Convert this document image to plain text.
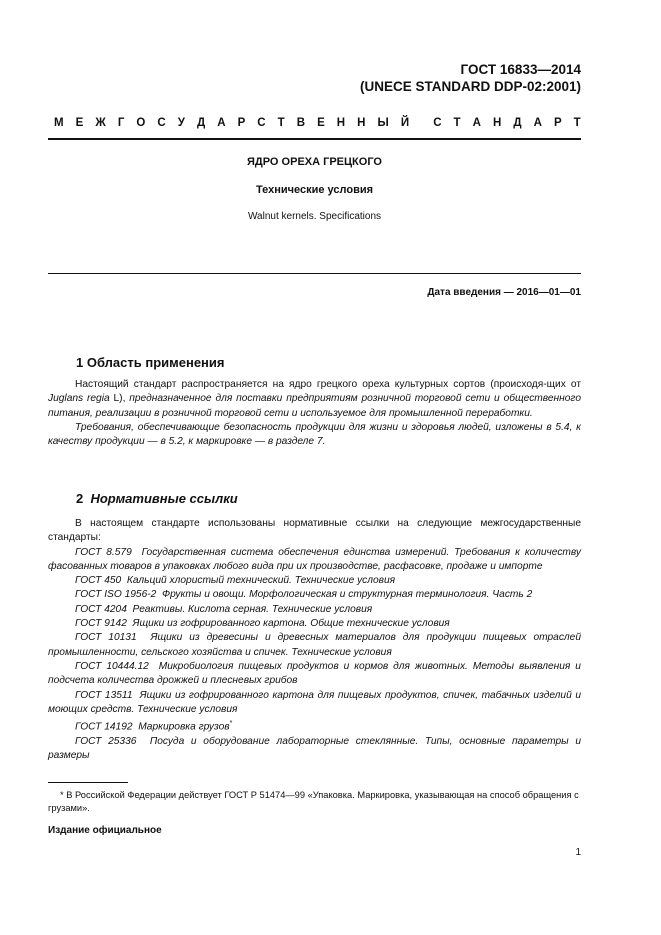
ГОСТ 16833—2014
(UNECE STANDARD DDP-02:2001)
М Е Ж Г О С У Д А Р С Т В Е Н Н Ы Й С Т А Н Д А Р Т
ЯДРО ОРЕХА ГРЕЦКОГО
Технические условия
Walnut kernels. Specifications
Дата введения — 2016—01—01
1 Область применения

Настоящий стандарт распространяется на ядро грецкого ореха культурных сортов (происходя-щих от Juglans regia L), предназначенное для поставки предприятиям розничной торговой сети и общественного питания, реализации в розничной торговой сети и используемое для промышленной переработки.

Требования, обеспечивающие безопасность продукции для жизни и здоровья людей, изложены в 5.4, к качеству продукции — в 5.2, к маркировке — в разделе 7.

2 Нормативные ссылки

В настоящем стандарте использованы нормативные ссылки на следующие межгосударственные стандарты:

ГОСТ 8.579 Государственная система обеспечения единства измерений. Требования к количеству фасованных товаров в упаковках любого вида при их производстве, расфасовке, продаже и импорте

ГОСТ 450 Кальций хлористый технический. Технические условия

ГОСТ ISO 1956-2 Фрукты и овощи. Морфологическая и структурная терминология. Часть 2

ГОСТ 4204 Реактивы. Кислота серная. Технические условия

ГОСТ 9142 Ящики из гофрированного картона. Общие технические условия

ГОСТ 10131 Ящики из древесины и древесных материалов для продукции пищевых отраслей промышленности, сельского хозяйства и спичек. Технические условия

ГОСТ 10444.12 Микробиология пищевых продуктов и кормов для животных. Методы выявления и подсчета количества дрожжей и плесневых грибов

ГОСТ 13511 Ящики из гофрированного картона для пищевых продуктов, спичек, табачных изделий и моющих средств. Технические условия

ГОСТ 14192 Маркировка грузов*

ГОСТ 25336 Посуда и оборудование лабораторные стеклянные. Типы, основные параметры и размеры

* В Российской Федерации действует ГОСТ Р 51474—99 «Упаковка. Маркировка, указывающая на способ обращения с грузами».

Издание официальное
1
